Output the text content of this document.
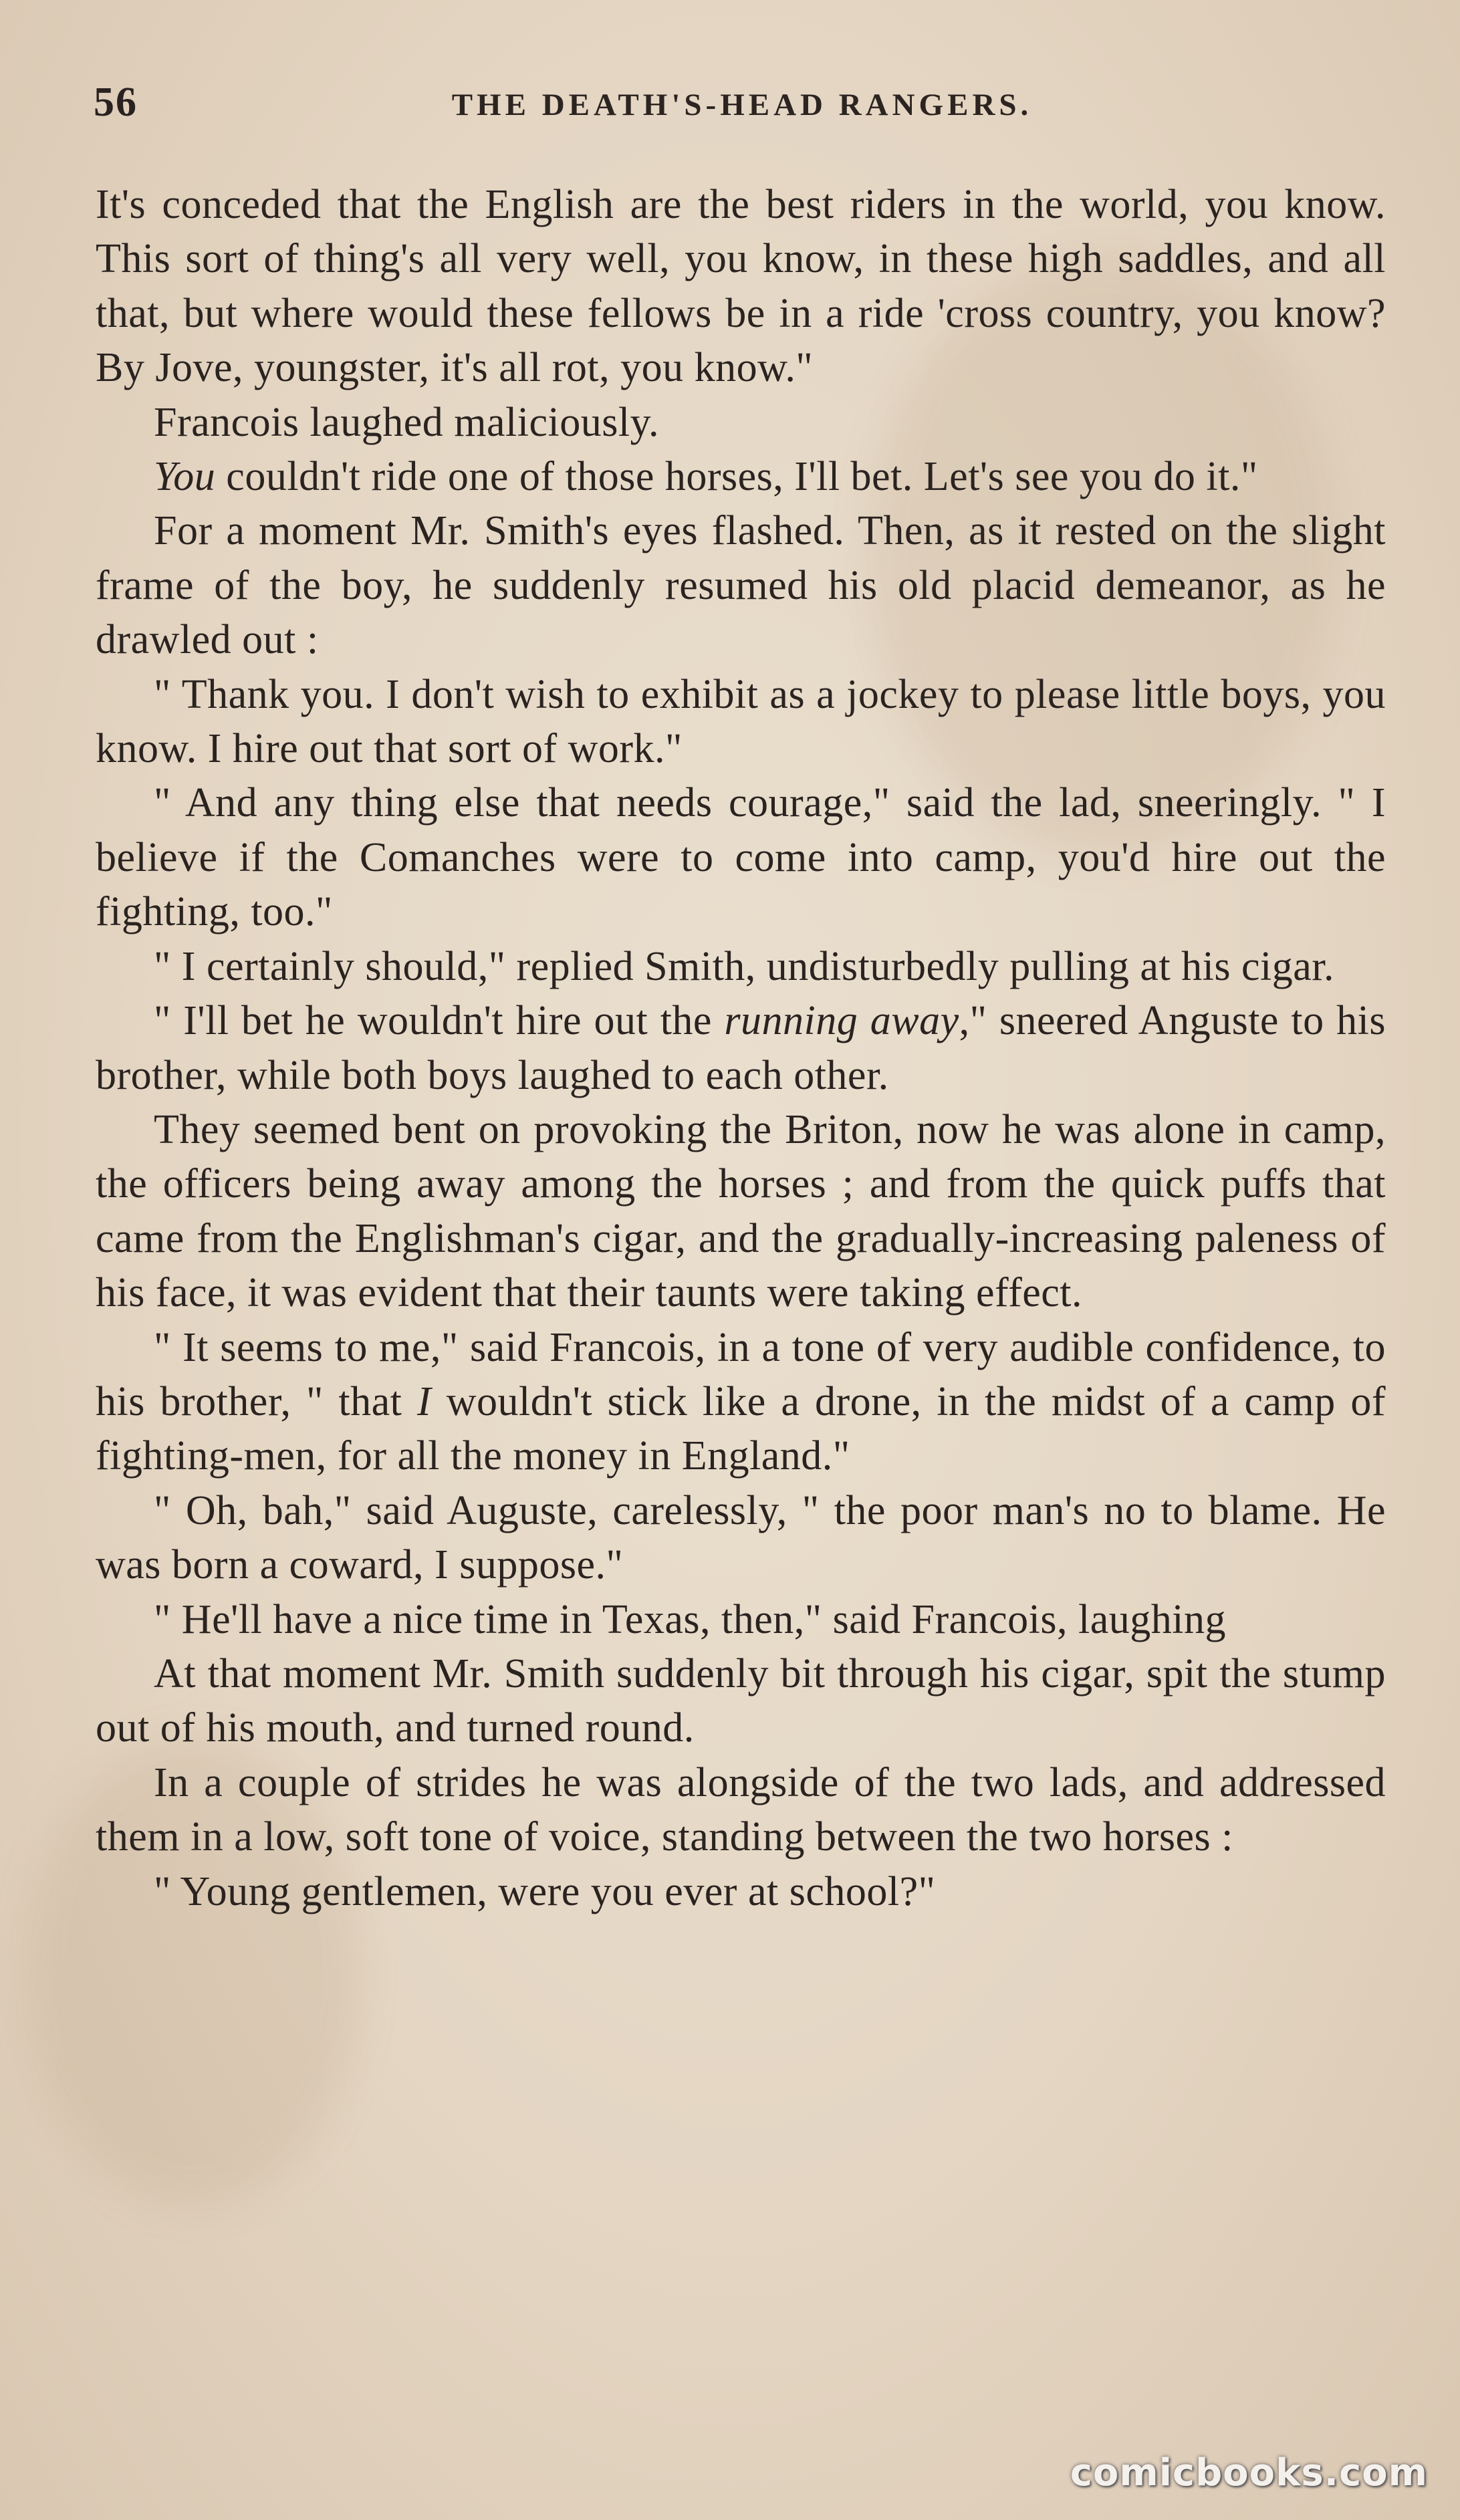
56	THE DEATH'S-HEAD RANGERS.

It's conceded that the English are the best riders in the world, you know. This sort of thing's all very well, you know, in these high saddles, and all that, but where would these fellows be in a ride 'cross country, you know? By Jove, youngster, it's all rot, you know."

Francois laughed maliciously.

You couldn't ride one of those horses, I'll bet. Let's see you do it."

For a moment Mr. Smith's eyes flashed. Then, as it rested on the slight frame of the boy, he suddenly resumed his old placid demeanor, as he drawled out :

" Thank you. I don't wish to exhibit as a jockey to please little boys, you know. I hire out that sort of work."

" And any thing else that needs courage," said the lad, sneeringly. " I believe if the Comanches were to come into camp, you'd hire out the fighting, too."

" I certainly should," replied Smith, undisturbedly pulling at his cigar.

" I'll bet he wouldn't hire out the running away," sneered Anguste to his brother, while both boys laughed to each other.

They seemed bent on provoking the Briton, now he was alone in camp, the officers being away among the horses ; and from the quick puffs that came from the Englishman's cigar, and the gradually-increasing paleness of his face, it was evident that their taunts were taking effect.

" It seems to me," said Francois, in a tone of very audible confidence, to his brother, " that I wouldn't stick like a drone, in the midst of a camp of fighting-men, for all the money in England."

" Oh, bah," said Auguste, carelessly, " the poor man's no to blame. He was born a coward, I suppose."

" He'll have a nice time in Texas, then," said Francois, laughing

At that moment Mr. Smith suddenly bit through his cigar, spit the stump out of his mouth, and turned round.

In a couple of strides he was alongside of the two lads, and addressed them in a low, soft tone of voice, standing between the two horses :

" Young gentlemen, were you ever at school?"

comicbooks.com
